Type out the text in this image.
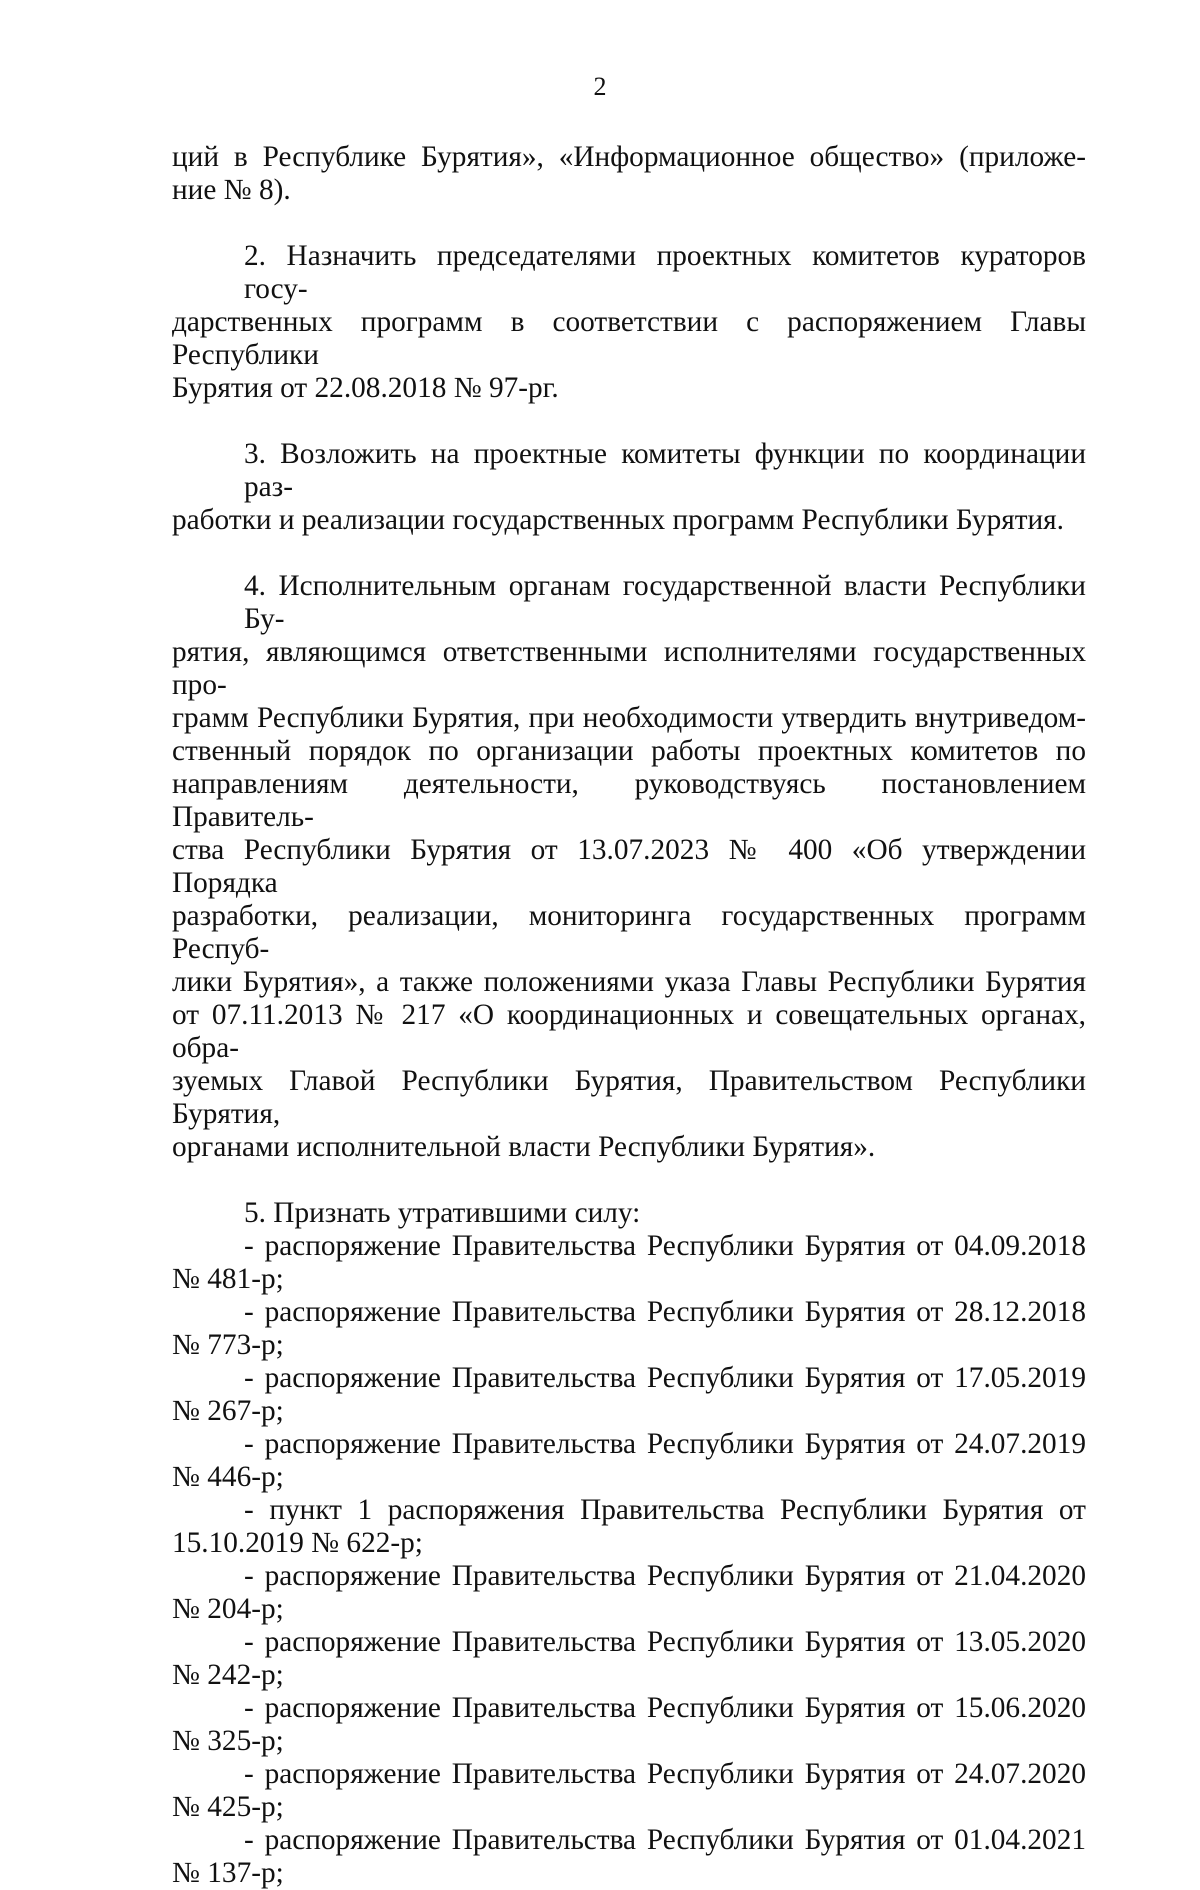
2
ций в Республике Бурятия», «Информационное общество» (приложе-
ние № 8).
2. Назначить председателями проектных комитетов кураторов госу-
дарственных программ в соответствии с распоряжением Главы Республики
Бурятия от 22.08.2018 № 97-рг.
3. Возложить на проектные комитеты функции по координации раз-
работки и реализации государственных программ Республики Бурятия.
4. Исполнительным органам государственной власти Республики Бу-
рятия, являющимся ответственными исполнителями государственных про-
грамм Республики Бурятия, при необходимости утвердить внутриведом-
ственный порядок по организации работы проектных комитетов по
направлениям деятельности, руководствуясь постановлением Правитель-
ства Республики Бурятия от 13.07.2023 № 400 «Об утверждении Порядка
разработки, реализации, мониторинга государственных программ Респуб-
лики Бурятия», а также положениями указа Главы Республики Бурятия
от 07.11.2013 № 217 «О координационных и совещательных органах, обра-
зуемых Главой Республики Бурятия, Правительством Республики Бурятия,
органами исполнительной власти Республики Бурятия».
5. Признать утратившими силу:
- распоряжение Правительства Республики Бурятия от 04.09.2018
№ 481-р;
- распоряжение Правительства Республики Бурятия от 28.12.2018
№ 773-р;
- распоряжение Правительства Республики Бурятия от 17.05.2019
№ 267-р;
- распоряжение Правительства Республики Бурятия от 24.07.2019
№ 446-р;
- пункт 1 распоряжения Правительства Республики Бурятия от
15.10.2019 № 622-р;
- распоряжение Правительства Республики Бурятия от 21.04.2020
№ 204-р;
- распоряжение Правительства Республики Бурятия от 13.05.2020
№ 242-р;
- распоряжение Правительства Республики Бурятия от 15.06.2020
№ 325-р;
- распоряжение Правительства Республики Бурятия от 24.07.2020
№ 425-р;
- распоряжение Правительства Республики Бурятия от 01.04.2021
№ 137-р;
